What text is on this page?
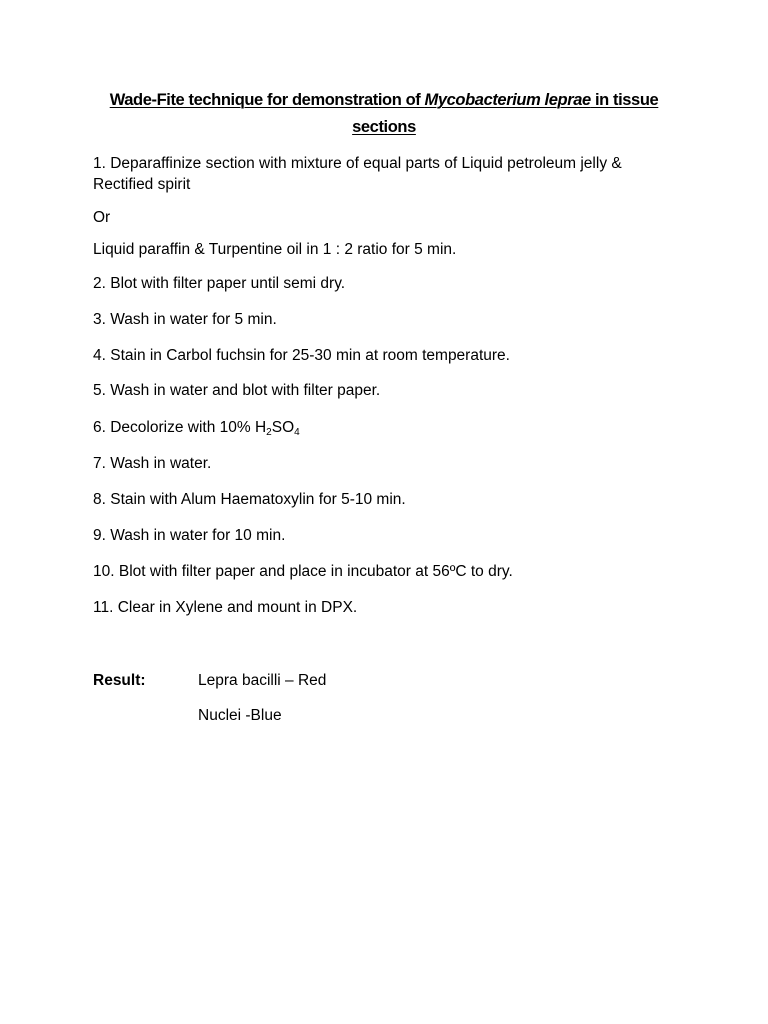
Wade-Fite technique for demonstration of Mycobacterium leprae in tissue
sections
1. Deparaffinize section with mixture of equal parts of Liquid petroleum jelly &
Rectified spirit
Or
Liquid paraffin & Turpentine oil in 1 : 2 ratio for 5 min.
2. Blot with filter paper until semi dry.
3. Wash in water for 5 min.
4. Stain in Carbol fuchsin for 25-30 min at room temperature.
5. Wash in water and blot with filter paper.
6. Decolorize with 10% $H_2SO_4$
7. Wash in water.
8. Stain with Alum Haematoxylin for 5-10 min.
9. Wash in water for 10 min.
10. Blot with filter paper and place in incubator at 56ºC to dry.
11. Clear in Xylene and mount in DPX.
Result:	Lepra bacilli – Red
Nuclei -Blue
